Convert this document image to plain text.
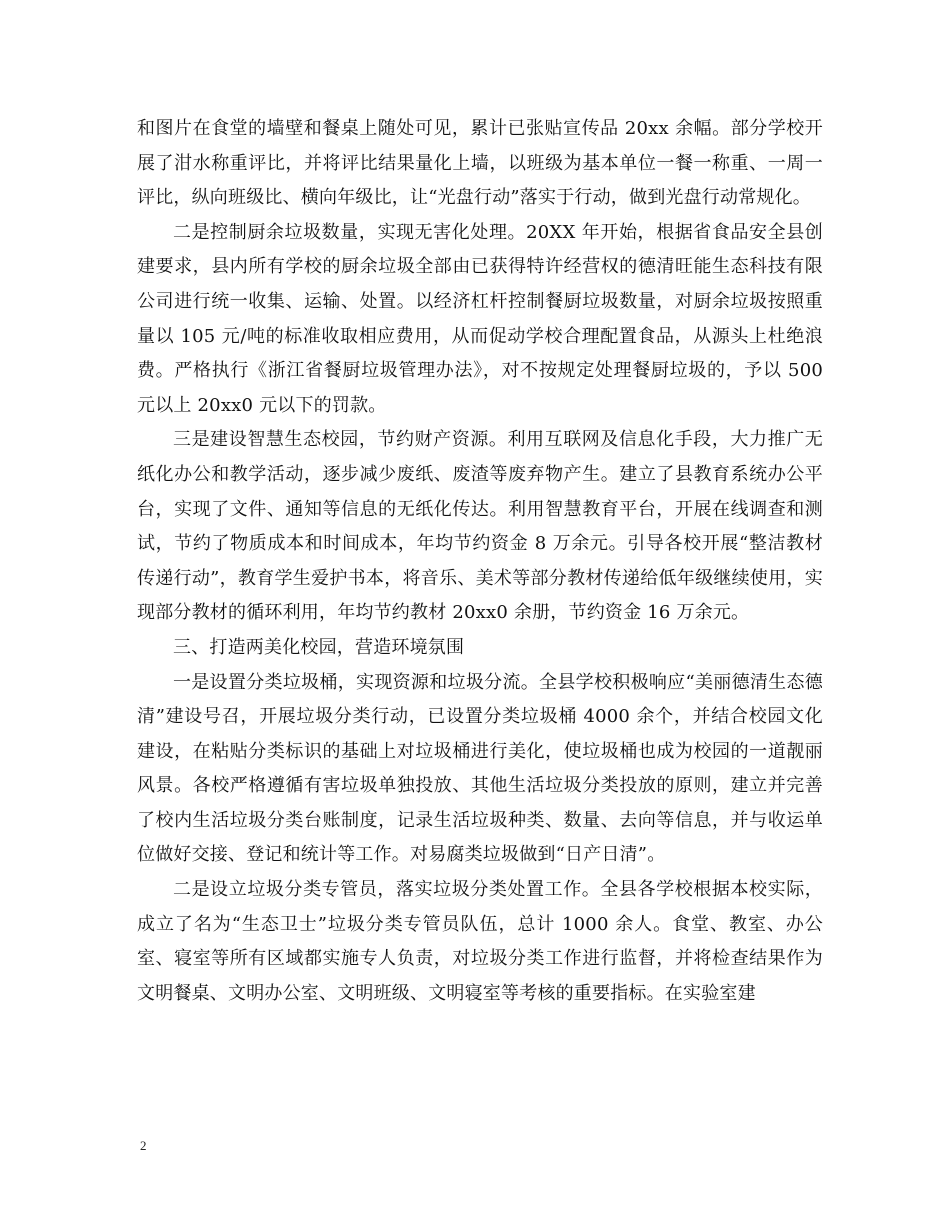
和图片在食堂的墙壁和餐桌上随处可见，累计已张贴宣传品 20xx 余幅。部分学校开展了泔水称重评比，并将评比结果量化上墙，以班级为基本单位一餐一称重、一周一评比，纵向班级比、横向年级比，让“光盘行动”落实于行动，做到光盘行动常规化。

二是控制厨余垃圾数量，实现无害化处理。20XX 年开始，根据省食品安全县创建要求，县内所有学校的厨余垃圾全部由已获得特许经营权的德清旺能生态科技有限公司进行统一收集、运输、处置。以经济杠杆控制餐厨垃圾数量，对厨余垃圾按照重量以 105 元/吨的标准收取相应费用，从而促动学校合理配置食品，从源头上杜绝浪费。严格执行《浙江省餐厨垃圾管理办法》，对不按规定处理餐厨垃圾的，予以 500 元以上 20xx0 元以下的罚款。

三是建设智慧生态校园，节约财产资源。利用互联网及信息化手段，大力推广无纸化办公和教学活动，逐步减少废纸、废渣等废弃物产生。建立了县教育系统办公平台，实现了文件、通知等信息的无纸化传达。利用智慧教育平台，开展在线调查和测试，节约了物质成本和时间成本，年均节约资金 8 万余元。引导各校开展“整洁教材传递行动”，教育学生爱护书本，将音乐、美术等部分教材传递给低年级继续使用，实现部分教材的循环利用，年均节约教材 20xx0 余册，节约资金 16 万余元。

三、打造两美化校园，营造环境氛围

一是设置分类垃圾桶，实现资源和垃圾分流。全县学校积极响应“美丽德清生态德清”建设号召，开展垃圾分类行动，已设置分类垃圾桶 4000 余个，并结合校园文化建设，在粘贴分类标识的基础上对垃圾桶进行美化，使垃圾桶也成为校园的一道靓丽风景。各校严格遵循有害垃圾单独投放、其他生活垃圾分类投放的原则，建立并完善了校内生活垃圾分类台账制度，记录生活垃圾种类、数量、去向等信息，并与收运单位做好交接、登记和统计等工作。对易腐类垃圾做到“日产日清”。

二是设立垃圾分类专管员，落实垃圾分类处置工作。全县各学校根据本校实际，成立了名为“生态卫士”垃圾分类专管员队伍，总计 1000 余人。食堂、教室、办公室、寝室等所有区域都实施专人负责，对垃圾分类工作进行监督，并将检查结果作为文明餐桌、文明办公室、文明班级、文明寝室等考核的重要指标。在实验室建

2
